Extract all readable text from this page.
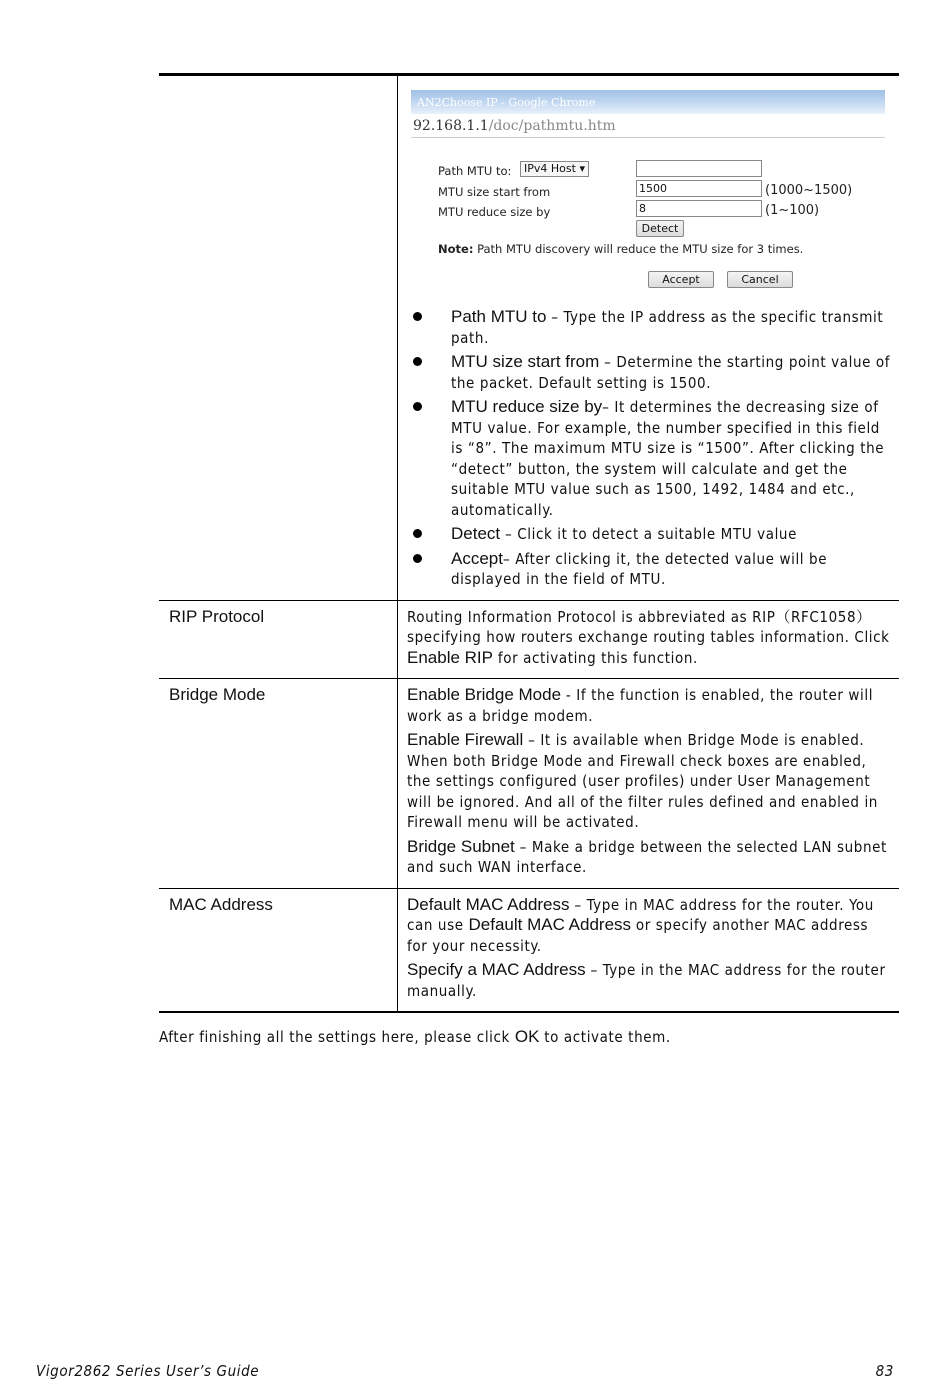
AN2Choose IP - Google Chrome
92.168.1.1/doc/pathmtu.htm
Path MTU to:	IPv4 Host ▾
MTU size start from	1500	(1000~1500)
MTU reduce size by	8	(1~100)
Detect
Note: Path MTU discovery will reduce the MTU size for 3 times.
Accept	Cancel
Path MTU to – Type the IP address as the specific transmit path.
MTU size start from – Determine the starting point value of the packet. Default setting is 1500.
MTU reduce size by– It determines the decreasing size of MTU value. For example, the number specified in this field is “8”. The maximum MTU size is “1500”. After clicking the “detect” button, the system will calculate and get the suitable MTU value such as 1500, 1492, 1484 and etc., automatically.
Detect – Click it to detect a suitable MTU value
Accept– After clicking it, the detected value will be displayed in the field of MTU.
RIP Protocol	Routing Information Protocol is abbreviated as RIP（RFC1058） specifying how routers exchange routing tables information. Click Enable RIP for activating this function.

Bridge Mode	Enable Bridge Mode - If the function is enabled, the router will work as a bridge modem.

Enable Firewall – It is available when Bridge Mode is enabled. When both Bridge Mode and Firewall check boxes are enabled, the settings configured (user profiles) under User Management will be ignored. And all of the filter rules defined and enabled in Firewall menu will be activated.

Bridge Subnet – Make a bridge between the selected LAN subnet and such WAN interface.

MAC Address	Default MAC Address – Type in MAC address for the router. You can use Default MAC Address or specify another MAC address for your necessity.

Specify a MAC Address – Type in the MAC address for the router manually.

After finishing all the settings here, please click OK to activate them.
Vigor2862 Series User’s Guide	83
